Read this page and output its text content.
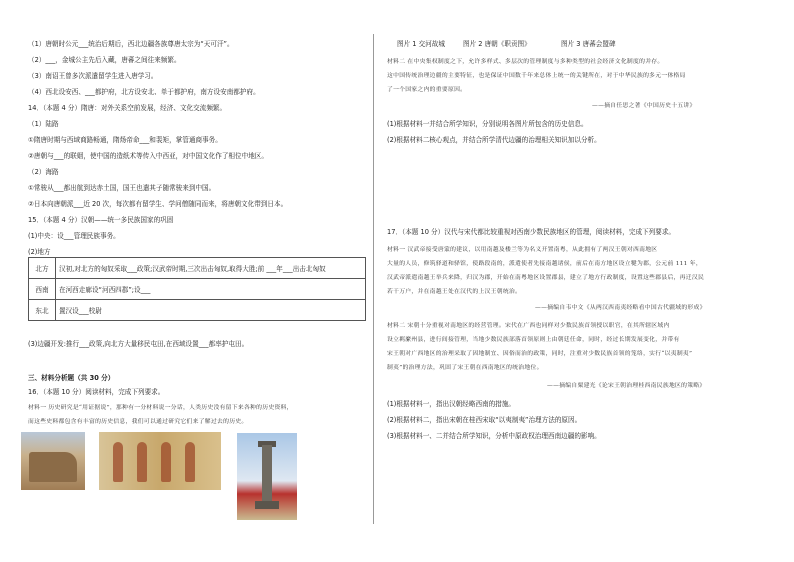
（1）唐朝时公元___统治后期后，西北边疆各族尊唐太宗为“天可汗”。
（2）___，金城公主先后入藏，唐蕃之间往来频繁。
（3）南诏王曾多次派遣留学生进入唐学习。
（4）西北设安西、___都护府，北方设安北、单于都护府，南方设安南都护府。
14．（本题 4 分）隋唐：对外关系空前发展，经济、文化交流频繁。
（1）陆路
①隋唐时期与西域商路畅通，隋炀帝命___和裴矩，掌管通商事务。
②唐朝与___的联姻，使中国的造纸术等传入中西亚，对中国文化作了相位中地区。
（2）海路
①常骏从___都出航到达赤土国，国王也遣其子随常骏来到中国。
②日本向唐朝派___近 20 次，每次都有留学生、学问僧随同而来，将唐朝文化带到日本。
15．（本题 4 分）汉朝——统一多民族国家的巩固
(1)中央：设___管理民族事务。
(2)地方
北方	汉初,对北方的匈奴采取___政策;汉武帝时期,三次出击匈奴,取得大胜;前 ___年___出击北匈奴
西南	在河西走廊设“河西四郡”;设___
东北	置汉设___校尉
(3)边疆开发:推行___政策,向北方大量移民屯田,在西域设置___都率护屯田。
三、材料分析题（共 30 分）
16．（本题 10 分）阅读材料，完成下列要求。
材料一 历史研究是“用证据说”，那种有一分材料说一分话，人类历史没有留下来各种的历史资料，
而这些史料都包含有丰富的历史信息，我们可以通过研究它们来了解过去的历史。
图片 1 交河故城	图片 2 唐朝《职贡图》	图片 3 唐蕃会盟碑
材料二 在中央集权制度之下，允许多样式、多层次的管理制度与多种类型的社会经济文化制度的并存。
这中国传统治理边疆的主要特征，也是保证中国数千年来总体上统一的关键所在，对于中华民族的多元一体格局
了一个国家之内的重要原因。
——摘自任思之著《中国历史十五讲》
(1)根据材料一并结合所学知识，分别说明各图片所包含的历史信息。
(2)根据材料二核心观点，并结合所学清代边疆的治理相关知识加以分析。
17．（本题 10 分）汉代与宋代都比较重视对西南少数民族地区的管理，阅读材料，完成下列要求。
材料一 汉武帝接受唐蒙的建议，以用南越及楼兰等为名义开置南粤，从此拥有了两汉王朝对西南地区
大量的人员，修筑驿道和驿馆，使路段南的，派遣使者先接南越诸侯，前后在南方地区设立犍为郡，公元前 111 年，
汉武帝派遣南越王举兵来降，归汉为郡，开始在南粤地区设置郡县，建立了地方行政制度，设置这些郡县后，再迁汉民
若干万户，并在南越王处在汉代的上汉王朝统治。
——摘编自韦中文《从两汉西南夷经略看中国古代疆域的形成》
材料二 宋朝十分重视对南地区的经营管理。宋代在广西也同样对少数民族首领授以职官，在其所辖区域内
设立羁縻州县，进行间接管理，当地少数民族部落首领原则上由朝廷任命，同时，经过长期发展变化，并带有
宋王朝对广西地区的治理采取了因地制宜、因俗而治的政策，同时，注重对少数民族首领的笼络，实行“以夷制夷”
制夷”的治理方法，巩固了宋王朝在西南地区的统治地位。
——摘编自粟建光《论宋王朝治理桂西南民族地区的策略》
(1)根据材料一，指出汉朝经略西南的措施。
(2)根据材料二，指出宋朝在桂西宋取“以夷制夷”治理方法的原因。
(3)根据材料一、二并结合所学知识，分析中原政权治理西南边疆的影响。
